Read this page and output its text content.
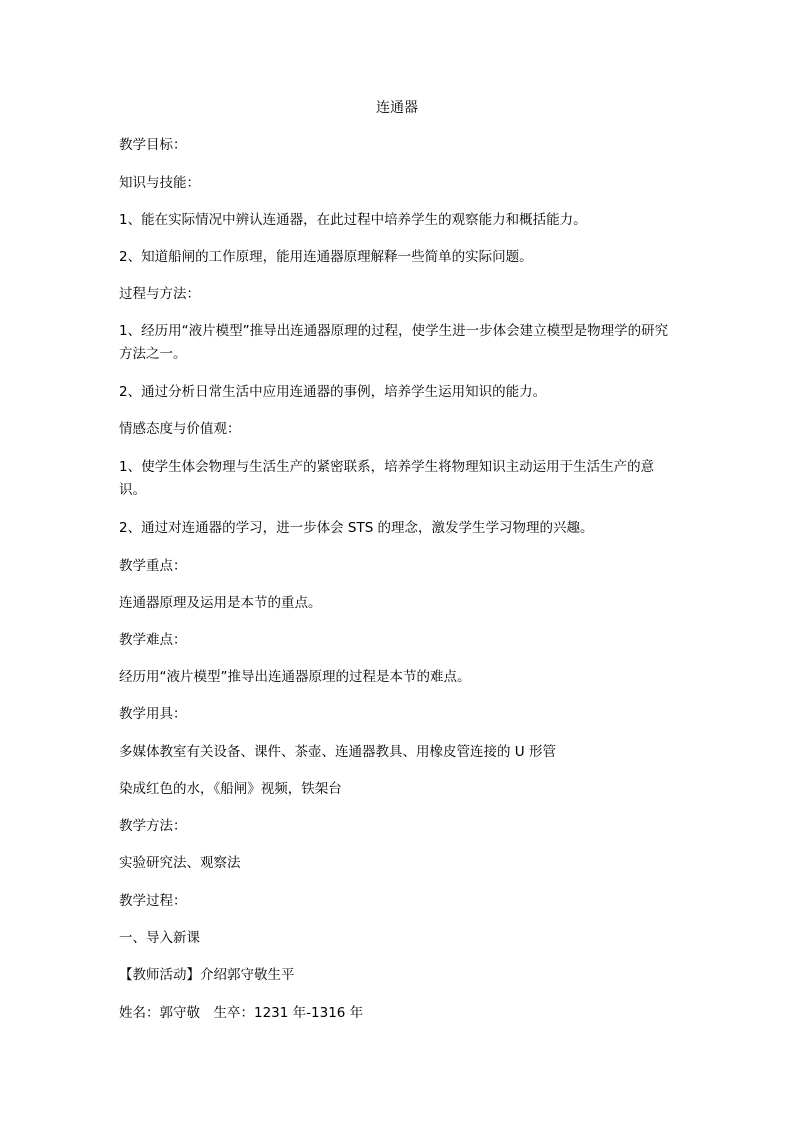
连通器
教学目标：
知识与技能：
1、能在实际情况中辨认连通器，在此过程中培养学生的观察能力和概括能力。
2、知道船闸的工作原理，能用连通器原理解释一些简单的实际问题。
过程与方法：
1、经历用“液片模型”推导出连通器原理的过程，使学生进一步体会建立模型是物理学的研究方法之一。
2、通过分析日常生活中应用连通器的事例，培养学生运用知识的能力。
情感态度与价值观：
1、使学生体会物理与生活生产的紧密联系，培养学生将物理知识主动运用于生活生产的意识。
2、通过对连通器的学习，进一步体会 STS 的理念，激发学生学习物理的兴趣。
教学重点：
连通器原理及运用是本节的重点。
教学难点：
经历用“液片模型”推导出连通器原理的过程是本节的难点。
教学用具：
多媒体教室有关设备、课件、茶壶、连通器教具、用橡皮管连接的 U 形管
染成红色的水，《船闸》视频，铁架台
教学方法：
实验研究法、观察法
教学过程：
一、导入新课
【教师活动】介绍郭守敬生平
姓名：郭守敬　生卒：1231 年-1316 年
